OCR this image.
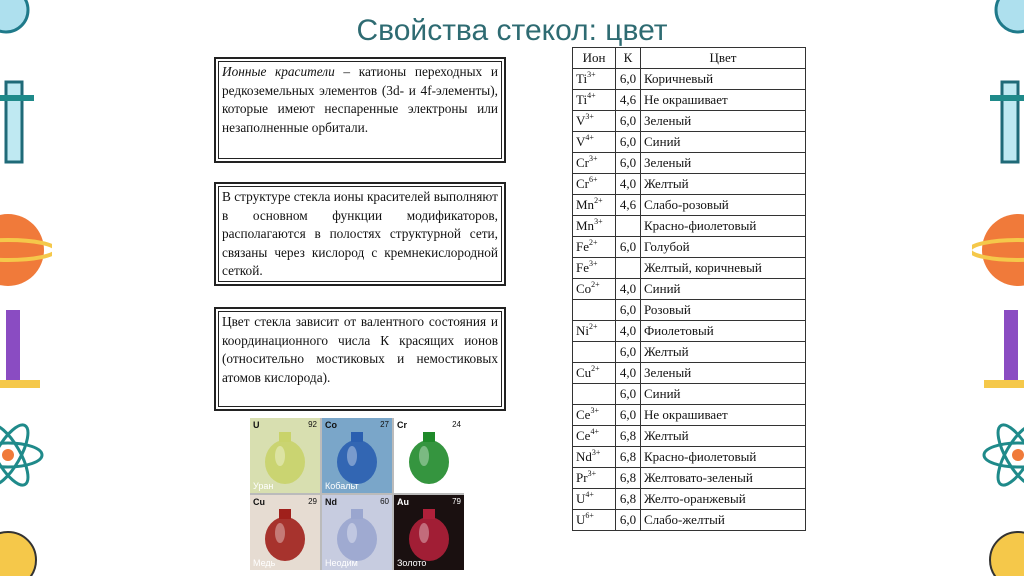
Свойства стекол: цвет
Ионные красители – катионы переходных и редкоземельных элементов (3d- и 4f-элементы), которые имеют неспаренные электроны или незаполненные орбитали.
В структуре стекла ионы красителей выполняют в основном функции модификаторов, располагаются в полостях структурной сети, связаны через кислород с кремнекислородной сеткой.
Цвет стекла зависит от валентного состояния и координационного числа К красящих ионов (относительно мостиковых и немостиковых атомов кислорода).
Ион	К	Цвет
$Ti^{3+}$	6,0	Коричневый
$Ti^{4+}$	4,6	Не окрашивает
$V^{3+}$	6,0	Зеленый
$V^{4+}$	6,0	Синий
$Cr^{3+}$	6,0	Зеленый
$Cr^{6+}$	4,0	Желтый
$Mn^{2+}$	4,6	Слабо-розовый
$Mn^{3+}$		Красно-фиолетовый
$Fe^{2+}$	6,0	Голубой
$Fe^{3+}$		Желтый, коричневый
$Co^{2+}$	4,0	Синий
	6,0	Розовый
$Ni^{2+}$	4,0	Фиолетовый
	6,0	Желтый
$Cu^{2+}$	4,0	Зеленый
	6,0	Синий
$Ce^{3+}$	6,0	Не окрашивает
$Ce^{4+}$	6,8	Желтый
$Nd^{3+}$	6,8	Красно-фиолетовый
$Pr^{3+}$	6,8	Желтовато-зеленый
$U^{4+}$	6,8	Желто-оранжевый
$U^{6+}$	6,0	Слабо-желтый
U	92
Уран
Co	27
Кобальт
Cr	24
Хром
Cu	29
Медь
Nd	60
Неодим
Au	79
Золото
